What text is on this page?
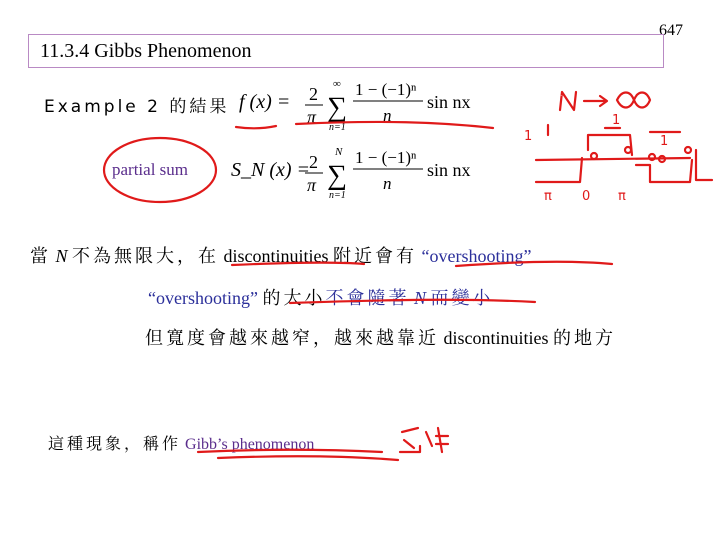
647
11.3.4 Gibbs Phenomenon
Example 2 的結果 f (x) = 2
π
∞
∑
n=1
1 − (−1)ⁿ
n
sin nx
partial sum S_N (x) =
2
π
N
∑
n=1
1 − (−1)ⁿ
n
sin nx
當 N 不為無限大，在 discontinuities 附近會有 “overshooting”
“overshooting” 的大小不會隨著 N 而變小
但寬度會越來越窄，越來越靠近 discontinuities 的地方
這種現象，稱作 Gibb’s phenomenon
π 0 π
1
1
1
N → ∞
名詞
